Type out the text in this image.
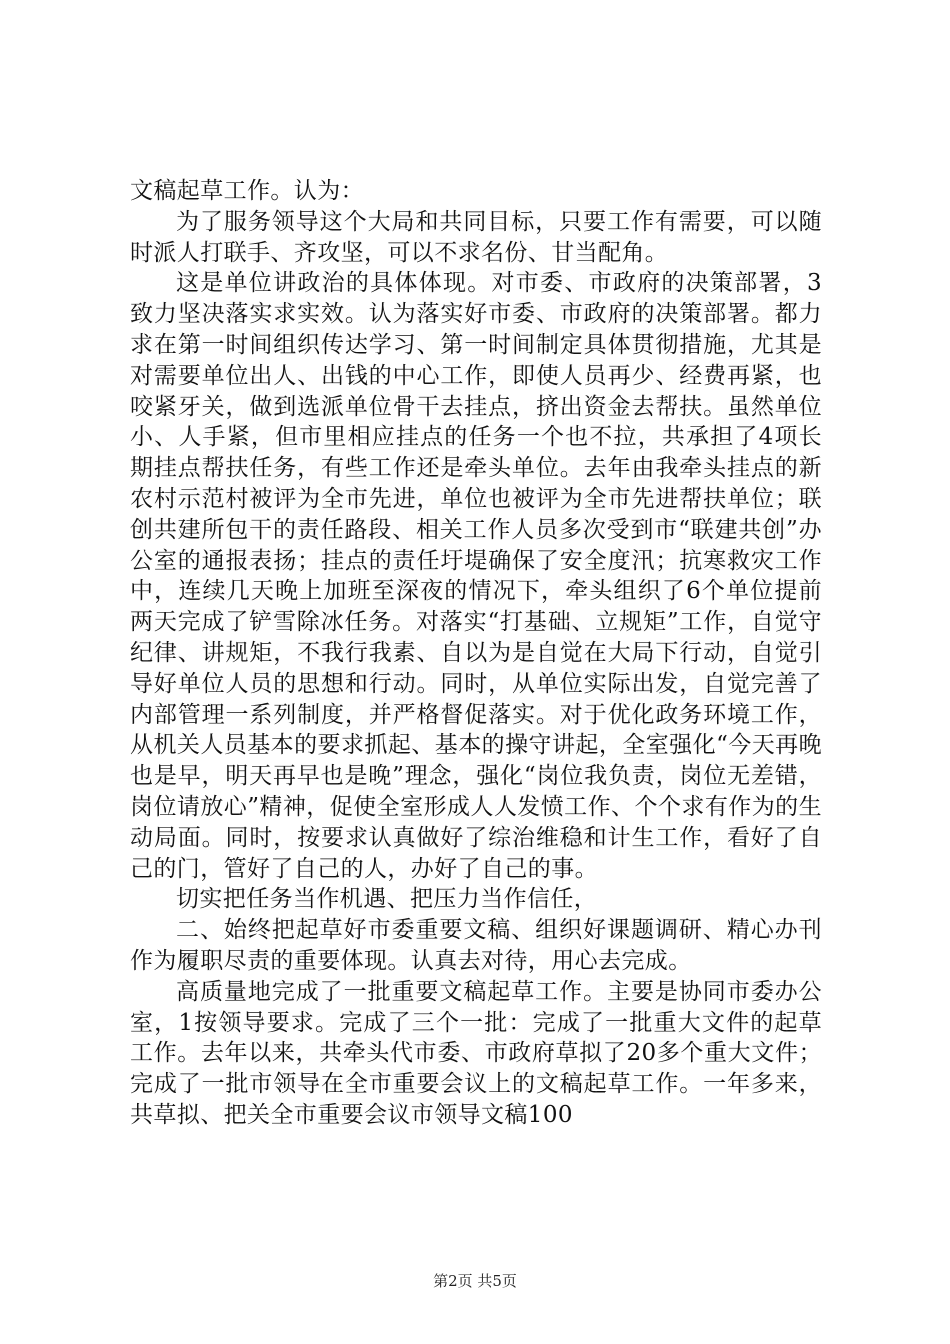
文稿起草工作。认为：

为了服务领导这个大局和共同目标，只要工作有需要，可以随时派人打联手、齐攻坚，可以不求名份、甘当配角。

这是单位讲政治的具体体现。对市委、市政府的决策部署，3致力坚决落实求实效。认为落实好市委、市政府的决策部署。都力求在第一时间组织传达学习、第一时间制定具体贯彻措施，尤其是对需要单位出人、出钱的中心工作，即使人员再少、经费再紧，也咬紧牙关，做到选派单位骨干去挂点，挤出资金去帮扶。虽然单位小、人手紧，但市里相应挂点的任务一个也不拉，共承担了4项长期挂点帮扶任务，有些工作还是牵头单位。去年由我牵头挂点的新农村示范村被评为全市先进，单位也被评为全市先进帮扶单位；联创共建所包干的责任路段、相关工作人员多次受到市“联建共创”办公室的通报表扬；挂点的责任圩堤确保了安全度汛；抗寒救灾工作中，连续几天晚上加班至深夜的情况下，牵头组织了6个单位提前两天完成了铲雪除冰任务。对落实“打基础、立规矩”工作，自觉守纪律、讲规矩，不我行我素、自以为是自觉在大局下行动，自觉引导好单位人员的思想和行动。同时，从单位实际出发，自觉完善了内部管理一系列制度，并严格督促落实。对于优化政务环境工作，从机关人员基本的要求抓起、基本的操守讲起，全室强化“今天再晚也是早，明天再早也是晚”理念，强化“岗位我负责，岗位无差错，岗位请放心”精神，促使全室形成人人发愤工作、个个求有作为的生动局面。同时，按要求认真做好了综治维稳和计生工作，看好了自己的门，管好了自己的人，办好了自己的事。

切实把任务当作机遇、把压力当作信任，

二、始终把起草好市委重要文稿、组织好课题调研、精心办刊作为履职尽责的重要体现。认真去对待，用心去完成。

高质量地完成了一批重要文稿起草工作。主要是协同市委办公室，1按领导要求。完成了三个一批：完成了一批重大文件的起草工作。去年以来，共牵头代市委、市政府草拟了20多个重大文件；完成了一批市领导在全市重要会议上的文稿起草工作。一年多来，共草拟、把关全市重要会议市领导文稿100

第2页 共5页
